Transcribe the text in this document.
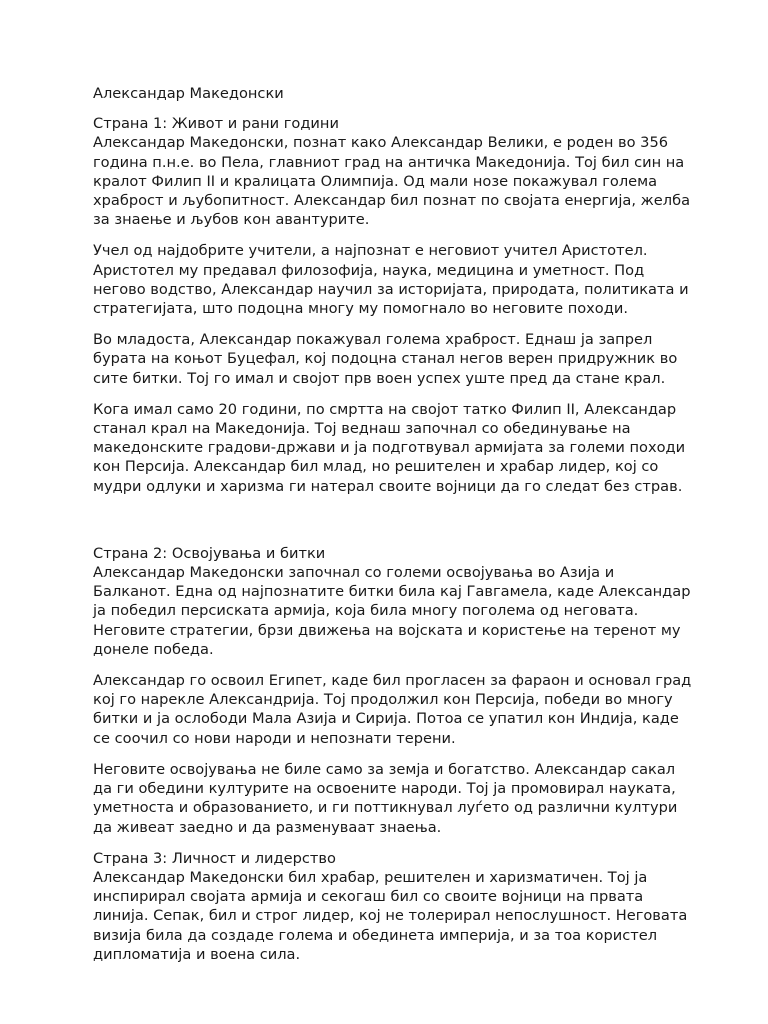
Александар Македонски
Страна 1: Живот и рани години

Александар Македонски, познат како Александар Велики, е роден во 356 година п.н.е. во Пела, главниот град на античка Македонија. Тој бил син на кралот Филип II и кралицата Олимпија. Од мали нозе покажувал голема храброст и љубопитност. Александар бил познат по својата енергија, желба за знаење и љубов кон авантурите.

Учел од најдобрите учители, а најпознат е неговиот учител Аристотел. Аристотел му предавал филозофија, наука, медицина и уметност. Под негово водство, Александар научил за историјата, природата, политиката и стратегијата, што подоцна многу му помогнало во неговите походи.

Во младоста, Александар покажувал голема храброст. Еднаш ја запрел бурата на коњот Буцефал, кој подоцна станал негов верен придружник во сите битки. Тој го имал и својот прв воен успех уште пред да стане крал.

Кога имал само 20 години, по смртта на својот татко Филип II, Александар станал крал на Македонија. Тој веднаш започнал со обединување на македонските градови-држави и ја подготвувал армијата за големи походи кон Персија. Александар бил млад, но решителен и храбар лидер, кој со мудри одлуки и харизма ги натерал своите војници да го следат без страв.

Страна 2: Освојувања и битки

Александар Македонски започнал со големи освојувања во Азија и Балканот. Една од најпознатите битки била кај Гавгамела, каде Александар ја победил персиската армија, која била многу поголема од неговата. Неговите стратегии, брзи движења на војската и користење на теренот му донеле победа.

Александар го освоил Египет, каде бил прогласен за фараон и основал град кој го нарекле Александрија. Тој продолжил кон Персија, победи во многу битки и ја ослободи Мала Азија и Сирија. Потоа се упатил кон Индија, каде се соочил со нови народи и непознати терени.

Неговите освојувања не биле само за земја и богатство. Александар сакал да ги обедини културите на освоените народи. Тој ја промовирал науката, уметноста и образованието, и ги поттикнувал луѓето од различни култури да живеат заедно и да разменуваат знаења.

Страна 3: Личност и лидерство

Александар Македонски бил храбар, решителен и харизматичен. Тој ја инспирирал својата армија и секогаш бил со своите војници на првата линија. Сепак, бил и строг лидер, кој не толерирал непослушност. Неговата визија била да создаде голема и обединета империја, и за тоа користел дипломатија и воена сила.
